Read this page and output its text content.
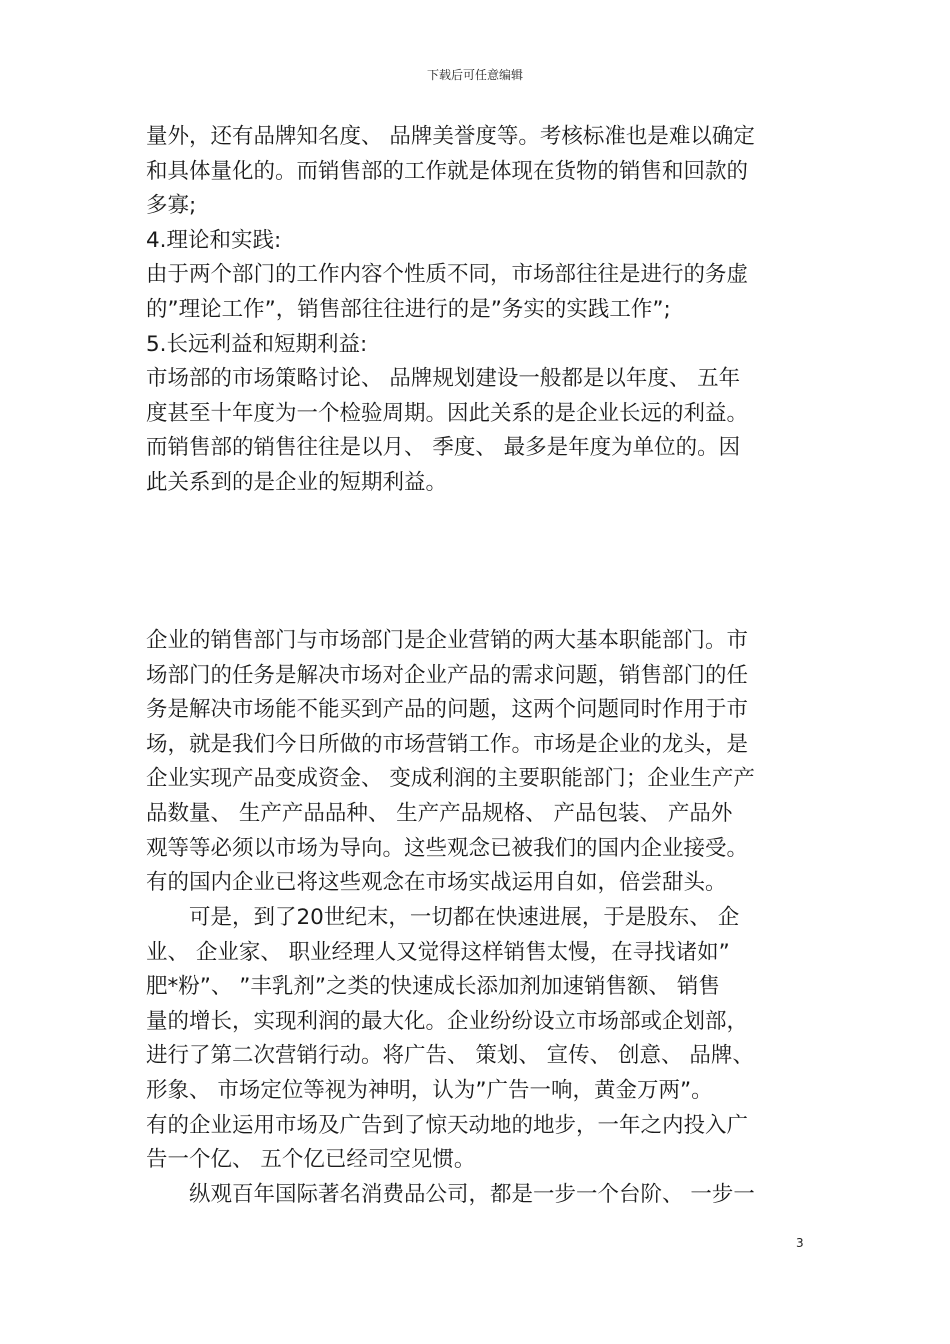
下载后可任意编辑
量外，还有品牌知名度、 品牌美誉度等。考核标准也是难以确定
和具体量化的。而销售部的工作就是体现在货物的销售和回款的
多寡;
4.理论和实践:
由于两个部门的工作内容个性质不同，市场部往往是进行的务虚
的”理论工作”，销售部往往进行的是”务实的实践工作”;
5.长远利益和短期利益:
市场部的市场策略讨论、 品牌规划建设一般都是以年度、 五年
度甚至十年度为一个检验周期。因此关系的是企业长远的利益。
而销售部的销售往往是以月、 季度、 最多是年度为单位的。因
此关系到的是企业的短期利益。
企业的销售部门与市场部门是企业营销的两大基本职能部门。市
场部门的任务是解决市场对企业产品的需求问题，销售部门的任
务是解决市场能不能买到产品的问题，这两个问题同时作用于市
场，就是我们今日所做的市场营销工作。市场是企业的龙头，是
企业实现产品变成资金、 变成利润的主要职能部门；企业生产产
品数量、 生产产品品种、 生产产品规格、 产品包装、 产品外
观等等必须以市场为导向。这些观念已被我们的国内企业接受。
有的国内企业已将这些观念在市场实战运用自如，倍尝甜头。
可是，到了20世纪末，一切都在快速进展，于是股东、 企
业、 企业家、 职业经理人又觉得这样销售太慢，在寻找诸如”
肥*粉”、 ”丰乳剂”之类的快速成长添加剂加速销售额、 销售
量的增长，实现利润的最大化。企业纷纷设立市场部或企划部，
进行了第二次营销行动。将广告、 策划、 宣传、 创意、 品牌、
形象、 市场定位等视为神明，认为”广告一响，黄金万两”。
有的企业运用市场及广告到了惊天动地的地步，一年之内投入广
告一个亿、 五个亿已经司空见惯。
纵观百年国际著名消费品公司，都是一步一个台阶、 一步一
3
